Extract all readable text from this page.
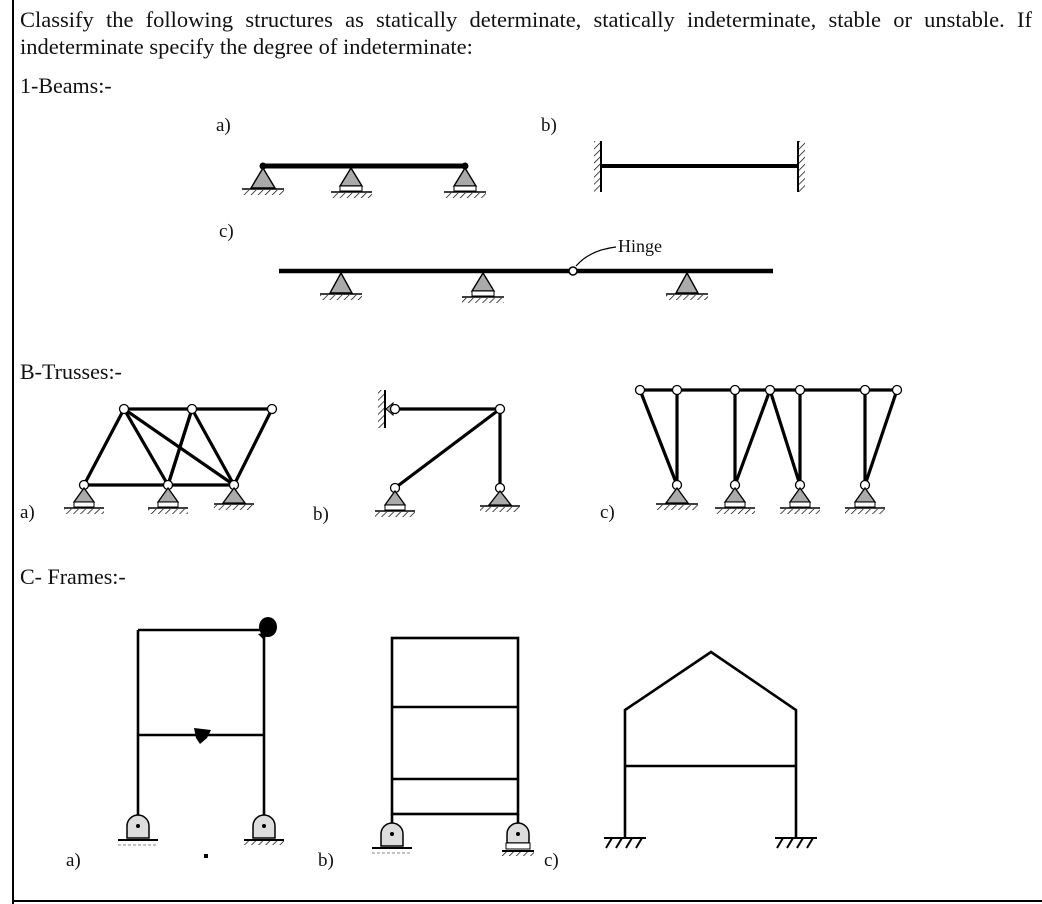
Classify the following structures as statically determinate, statically indeterminate, stable or unstable. If indeterminate specify the degree of indeterminate:
1-Beams:-
B-Trusses:-
C- Frames:-
a)	b)
c)
Hinge
a)	b)	c)
a)	b)	c)
